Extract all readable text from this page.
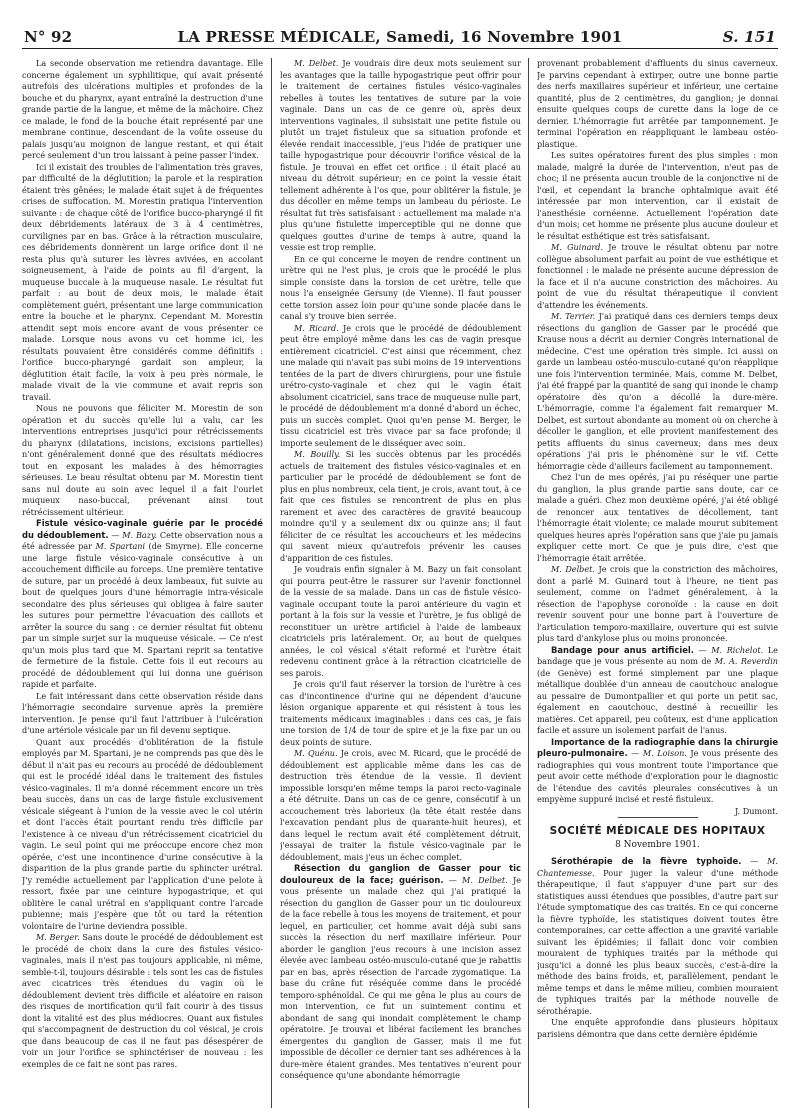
N° 92	LA PRESSE MÉDICALE, Samedi, 16 Novembre 1901	S. 151

La seconde observation me retiendra davantage. Elle concerne également un syphilitique, qui avait présenté autrefois des ulcérations multiples et profondes de la bouche et du pharynx, ayant entraîné la destruction d'une grande partie de la langue, et même de la mâchoire. Chez ce malade, le fond de la bouche était représenté par une membrane continue, descendant de la voûte osseuse du palais jusqu'au moignon de langue restant, et qui était percé seulement d'un trou laissant à peine passer l'index.

Ici il existait des troubles de l'alimentation très graves, par difficulté de la déglutition; la parole et la respiration étaient très gênées; le malade était sujet à de fréquentes crises de suffocation. M. Morestin pratiqua l'intervention suivante : de chaque côté de l'orifice bucco-pharyngé il fit deux débridements latéraux de 3 à 4 centimètres, curvilignes par en bas. Grâce à la rétraction musculaire, ces débridements donnèrent un large orifice dont il ne resta plus qu'à suturer les lèvres avivées, en accolant soigneusement, à l'aide de points au fil d'argent, la muqueuse buccale à la muqueuse nasale. Le résultat fut parfait : au bout de deux mois, le malade était complètement guéri, présentant une large communication entre la bouche et le pharynx. Cependant M. Morestin attendit sept mois encore avant de vous présenter ce malade. Lorsque nous avons vu cet homme ici, les résultats pouvaient être considérés comme définitifs : l'orifice bucco-pharyngé gardait son ampleur, la déglutition était facile, la voix à peu près normale, le malade vivait de la vie commune et avait repris son travail.

Nous ne pouvons que féliciter M. Morestin de son opération et du succès qu'elle lui a valu, car les interventions entreprises jusqu'ici pour rétrécissements du pharynx (dilatations, incisions, excisions partielles) n'ont généralement donné que des résultats médiocres tout en exposant les malades à des hémorragies sérieuses. Le beau résultat obtenu par M. Morestin tient sans nul doute au soin avec lequel il a fait l'ourlet muqueux naso-buccal, prévenant ainsi tout rétrécissement ultérieur.

Fistule vésico-vaginale guérie par le procédé du dédoublement. — M. Bazy. Cette observation nous a été adressée par M. Spartani (de Smyrne). Elle concerne une large fistule vésico-vaginale consécutive à un accouchement difficile au forceps. Une première tentative de suture, par un procédé à deux lambeaux, fut suivie au bout de quelques jours d'une hémorragie intra-vésicale secondaire des plus sérieuses qui obligea à faire sauter les sutures pour permettre l'évacuation des caillots et arrêter la source du sang : ce dernier résultat fut obtenu par un simple surjet sur la muqueuse vésicale. — Ce n'est qu'un mois plus tard que M. Spartani reprit sa tentative de fermeture de la fistule. Cette fois il eut recours au procédé de dédoublement qui lui donna une guérison rapide et parfaite.

Le fait intéressant dans cette observation réside dans l'hémorragie secondaire survenue après la première intervention. Je pense qu'il faut l'attribuer à l'ulcération d'une artériole vésicale par un fil devenu septique.

Quant aux procédés d'oblitération de la fistule employés par M. Spartani, je ne comprends pas que dès le début il n'ait pas eu recours au procédé de dédoublement qui est le procédé idéal dans le traitement des fistules vésico-vaginales. Il m'a donné récemment encore un très beau succès, dans un cas de large fistule exclusivement vésicale siégeant à l'union de la vessie avec le col utérin et dont l'accès était pourtant rendu très difficile par l'existence à ce niveau d'un rétrécissement cicatriciel du vagin. Le seul point qui me préoccupe encore chez mon opérée, c'est une incontinence d'urine consécutive à la disparition de la plus grande partie du sphincter urétral. J'y remédie actuellement par l'application d'une pelote à ressort, fixée par une ceinture hypogastrique, et qui oblitère le canal urétral en s'appliquant contre l'arcade pubienne; mais j'espère que tôt ou tard la rétention volontaire de l'urine deviendra possible.

M. Berger. Sans doute le procédé de dédoublement est le procédé de choix dans la cure des fistules vésico-vaginales, mais il n'est pas toujours applicable, ni même, semble-t-il, toujours désirable : tels sont les cas de fistules avec cicatrices très étendues du vagin où le dédoublement devient très difficile et aléatoire en raison des risques de mortification qu'il fait courir à des tissus dont la vitalité est des plus médiocres. Quant aux fistules qui s'accompagnent de destruction du col vésical, je crois que dans beaucoup de cas il ne faut pas désespérer de voir un jour l'orifice se sphinctériser de nouveau : les exemples de ce fait ne sont pas rares.

M. Delbet. Je voudrais dire deux mots seulement sur les avantages que la taille hypogastrique peut offrir pour le traitement de certaines fistules vésico-vaginales rebelles à toutes les tentatives de suture par la voie vaginale. Dans un cas de ce genre où, après deux interventions vaginales, il subsistait une petite fistule ou plutôt un trajet fistuleux que sa situation profonde et élevée rendait inaccessible, j'eus l'idée de pratiquer une taille hypogastrique pour découvrir l'orifice vésical de la fistule. Je trouvai en effet cet orifice : il était placé au niveau du détroit supérieur; en ce point la vessie était tellement adhérente à l'os que, pour oblitérer la fistule, je dus décoller en même temps un lambeau du périoste. Le résultat fut très satisfaisant : actuellement ma malade n'a plus qu'une fistulette imperceptible qui ne donne que quelques gouttes d'urine de temps à autre, quand la vessie est trop remplie.

En ce qui concerne le moyen de rendre continent un urètre qui ne l'est plus, je crois que le procédé le plus simple consiste dans la torsion de cet urètre, telle que nous l'a enseignée Gersuny (de Vienne). Il faut pousser cette torsion assez loin pour qu'une sonde placée dans le canal s'y trouve bien serrée.

M. Ricard. Je crois que le procédé de dédoublement peut être employé même dans les cas de vagin presque entièrement cicatriciel. C'est ainsi que récemment, chez une malade qui n'avait pas subi moins de 19 interventions tentées de la part de divers chirurgiens, pour une fistule urétro-cysto-vaginale et chez qui le vagin était absolument cicatriciel, sans trace de muqueuse nulle part, le procédé de dédoublement m'a donné d'abord un échec, puis un succès complet. Quoi qu'en pense M. Berger, le tissu cicatriciel est très vivace par sa face profonde; il importe seulement de le disséquer avec soin.

M. Bouilly. Si les succès obtenus par les procédés actuels de traitement des fistules vésico-vaginales et en particulier par le procédé de dédoublement se font de plus en plus nombreux, cela tient, je crois, avant tout, à ce fait que ces fistules se rencontrent de plus en plus rarement et avec des caractères de gravité beaucoup moindre qu'il y a seulement dix ou quinze ans; il faut féliciter de ce résultat les accoucheurs et les médecins qui savent mieux qu'autrefois prévenir les causes d'apparition de ces fistules.

Je voudrais enfin signaler à M. Bazy un fait consolant qui pourra peut-être le rassurer sur l'avenir fonctionnel de la vessie de sa malade. Dans un cas de fistule vésico-vaginale occupant toute la paroi antérieure du vagin et portant à la fois sur la vessie et l'urètre, je fus obligé de reconstituer un urètre artificiel à l'aide de lambeaux cicatriciels pris latéralement. Or, au bout de quelques années, le col vésical s'était reformé et l'urètre était redevenu continent grâce à la rétraction cicatricielle de ses parois.

Je crois qu'il faut réserver la torsion de l'urètre à ces cas d'incontinence d'urine qui ne dépendent d'aucune lésion organique apparente et qui résistent à tous les traitements médicaux imaginables : dans ces cas, je fais une torsion de 1/4 de tour de spire et je la fixe par un ou deux points de suture.

M. Quénu. Je crois, avec M. Ricard, que le procédé de dédoublement est applicable même dans les cas de destruction très étendue de la vessie. Il devient impossible lorsqu'en même temps la paroi recto-vaginale a été détruite. Dans un cas de ce genre, consécutif à un accouchement très laborieux (la tête était restée dans l'excavation pendant plus de quarante-huit heures), et dans lequel le rectum avait été complètement détruit, j'essayai de traiter la fistule vésico-vaginale par le dédoublement, mais j'eus un échec complet.

Résection du ganglion de Gasser pour tic douloureux de la face; guérison. — M. Delbet. Je vous présente un malade chez qui j'ai pratiqué la résection du ganglion de Gasser pour un tic douloureux de la face rebelle à tous les moyens de traitement, et pour lequel, en particulier, cet homme avait déjà subi sans succès la résection du nerf maxillaire inférieur. Pour aborder le ganglion j'eus recours à une incision assez élevée avec lambeau ostéo-musculo-cutané que je rabattis par en bas, après résection de l'arcade zygomatique. La base du crâne fut réséquée comme dans le procédé temporo-sphénoïdal. Ce qui me gêna le plus au cours de mon intervention, ce fut un suintement continu et abondant de sang qui inondait complètement le champ opératoire. Je trouvai et libérai facilement les branches émergentes du ganglion de Gasser, mais il me fut impossible de décoller ce dernier tant ses adhérences à la dure-mère étaient grandes. Mes tentatives n'eurent pour conséquence qu'une abondante hémorragie

provenant probablement d'affluents du sinus caverneux. Je parvins cependant à extirper, outre une bonne partie des nerfs maxillaires supérieur et inférieur, une certaine quantité, plus de 2 centimètres, du ganglion; je donnai ensuite quelques coups de curette dans la loge de ce dernier. L'hémorragie fut arrêtée par tamponnement. Je terminai l'opération en réappliquant le lambeau ostéo-plastique.

Les suites opératoires furent des plus simples : mon malade, malgré la durée de l'intervention, n'eut pas de choc; il ne présenta aucun trouble de la conjonctive ni de l'œil, et cependant la branche ophtalmique avait été intéressée par mon intervention, car il existait de l'anesthésie cornéenne. Actuellement l'opération date d'un mois; cet homme ne présente plus aucune douleur et le résultat esthétique est très satisfaisant.

M. Guinard. Je trouve le résultat obtenu par notre collègue absolument parfait au point de vue esthétique et fonctionnel : le malade ne présente aucune dépression de la face et il n'a aucune constriction des mâchoires. Au point de vue du résultat thérapeutique il convient d'attendre les événements.

M. Terrier. J'ai pratiqué dans ces derniers temps deux résections du ganglion de Gasser par le procédé que Krause nous a décrit au dernier Congrès international de médecine. C'est une opération très simple. Ici aussi on garde un lambeau ostéo-musculo-cutané qu'on réapplique une fois l'intervention terminée. Mais, comme M. Delbet, j'ai été frappé par la quantité de sang qui inonde le champ opératoire dès qu'on a décollé la dure-mère. L'hémorragie, comme l'a également fait remarquer M. Delbet, est surtout abondante au moment où on cherche à décoller le ganglion, et elle provient manifestement des petits affluents du sinus caverneux; dans mes deux opérations j'ai pris le phénomène sur le vif. Cette hémorragie cède d'ailleurs facilement au tamponnement.

Chez l'un de mes opérés, j'ai pu réséquer une partie du ganglion, la plus grande partie sans doute, car ce malade a guéri. Chez mon deuxième opéré, j'ai été obligé de renoncer aux tentatives de décollement, tant l'hémorragie était violente; ce malade mourut subitement quelques heures après l'opération sans que j'aie pu jamais expliquer cette mort. Ce que je puis dire, c'est que l'hémorragie était arrêtée.

M. Delbet. Je crois que la constriction des mâchoires, dont a parlé M. Guinard tout à l'heure, ne tient pas seulement, comme on l'admet généralement, à la résection de l'apophyse coronoïde : la cause en doit revenir souvent pour une bonne part à l'ouverture de l'articulation temporo-maxillaire, ouverture qui est suivie plus tard d'ankylose plus ou moins prononcée.

Bandage pour anus artificiel. — M. Richelot. Le bandage que je vous présente au nom de M. A. Reverdin (de Genève) est formé simplement par une plaque métallique doublée d'un anneau de caoutchouc analogue au pessaire de Dumontpallier et qui porte un petit sac, également en caoutchouc, destiné à recueillir les matières. Cet appareil, peu coûteux, est d'une application facile et assure un isolement parfait de l'anus.

Importance de la radiographie dans la chirurgie pleuro-pulmonaire. — M. Loison. Je vous présente des radiographies qui vous montrent toute l'importance que peut avoir cette méthode d'exploration pour le diagnostic de l'étendue des cavités pleurales consécutives à un empyème suppuré incisé et resté fistuleux.

J. Dumont.

SOCIÉTÉ MÉDICALE DES HOPITAUX
8 Novembre 1901.

Sérothérapie de la fièvre typhoïde. — M. Chantemesse. Pour juger la valeur d'une méthode thérapeutique, il faut s'appuyer d'une part sur des statistiques aussi étendues que possibles, d'autre part sur l'étude symptomatique des cas traités. En ce qui concerne la fièvre typhoïde, les statistiques doivent toutes être contemporaines, car cette affection a une gravité variable suivant les épidémies; il fallait donc voir combien mouraient de typhiques traités par la méthode qui jusqu'ici a donné les plus beaux succès, c'est-à-dire la méthode des bains froids, et, parallèlement, pendant le même temps et dans le même milieu, combien mouraient de typhiques traités par la méthode nouvelle de sérothérapie.

Une enquête approfondie dans plusieurs hôpitaux parisiens démontra que dans cette dernière épidémie
